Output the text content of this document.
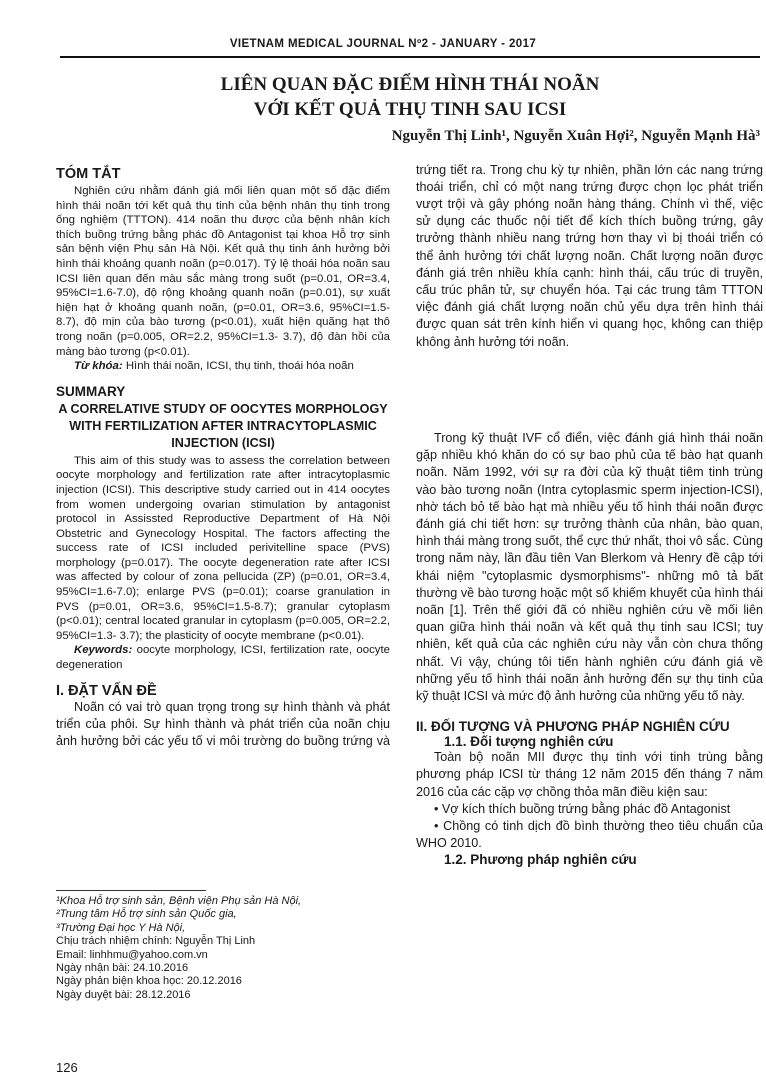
VIETNAM MEDICAL JOURNAL Nº2 - JANUARY - 2017
LIÊN QUAN ĐẶC ĐIỂM HÌNH THÁI NOÃN
VỚI KẾT QUẢ THỤ TINH SAU ICSI
Nguyễn Thị Linh¹, Nguyễn Xuân Hợi², Nguyễn Mạnh Hà³

TÓM TẮT

Nghiên cứu nhằm đánh giá mối liên quan một số đặc điểm hình thái noãn tới kết quả thụ tinh của bệnh nhân thụ tinh trong ống nghiệm (TTTON). 414 noãn thu được của bệnh nhân kích thích buồng trứng bằng phác đồ Antagonist tại khoa Hỗ trợ sinh sản bệnh viện Phụ sản Hà Nội. Kết quả thụ tinh ảnh hưởng bởi hình thái khoảng quanh noãn (p=0.017). Tỷ lệ thoái hóa noãn sau ICSI liên quan đến màu sắc màng trong suốt (p=0.01, OR=3.4, 95%CI=1.6-7.0), độ rộng khoảng quanh noãn (p=0.01), sự xuất hiện hạt ở khoảng quanh noãn, (p=0.01, OR=3.6, 95%CI=1.5-8.7), độ mịn của bào tương (p<0.01), xuất hiện quãng hạt thô trong noãn (p=0.005, OR=2.2, 95%CI=1.3- 3.7), độ đàn hồi của màng bào tương (p<0.01).

Từ khóa: Hình thái noãn, ICSI, thụ tinh, thoái hóa noãn

SUMMARY

A CORRELATIVE STUDY OF OOCYTES MORPHOLOGY WITH FERTILIZATION AFTER INTRACYTOPLASMIC INJECTION (ICSI)

This aim of this study was to assess the correlation between oocyte morphology and fertilization rate after intracytoplasmic injection (ICSI). This descriptive study carried out in 414 oocytes from women undergoing ovarian stimulation by antagonist protocol in Assissted Reproductive Department of Hà Nội Obstetric and Gynecology Hospital. The factors affecting the success rate of ICSI included perivitelline space (PVS) morphology (p=0.017). The oocyte degeneration rate after ICSI was affected by colour of zona pellucida (ZP) (p=0.01, OR=3.4, 95%CI=1.6-7.0); enlarge PVS (p=0.01); coarse granulation in PVS (p=0.01, OR=3.6, 95%CI=1.5-8.7); granular cytoplasm (p<0.01); central located granular in cytoplasm (p=0.005, OR=2.2, 95%CI=1.3- 3.7); the plasticity of oocyte membrane (p<0.01).

Keywords: oocyte morphology, ICSI, fertilization rate, oocyte degeneration

I. ĐẶT VẤN ĐỀ

Noãn có vai trò quan trọng trong sự hình thành và phát triển của phôi. Sự hình thành và phát triển của noãn chịu ảnh hưởng bởi các yếu tố vi môi trường do buồng trứng và

¹Khoa Hỗ trợ sinh sản, Bệnh viện Phụ sản Hà Nội,
²Trung tâm Hỗ trợ sinh sản Quốc gia,
³Trường Đại học Y Hà Nội,
Chịu trách nhiệm chính: Nguyễn Thị Linh
Email: linhhmu@yahoo.com.vn
Ngày nhận bài: 24.10.2016
Ngày phản biện khoa học: 20.12.2016
Ngày duyệt bài: 28.12.2016

trứng tiết ra. Trong chu kỳ tự nhiên, phần lớn các nang trứng thoái triển, chỉ có một nang trứng được chọn lọc phát triển vượt trội và gây phóng noãn hàng tháng. Chính vì thế, việc sử dụng các thuốc nội tiết để kích thích buồng trứng, gây trưởng thành nhiều nang trứng hơn thay vì bị thoái triển có thể ảnh hưởng tới chất lượng noãn. Chất lượng noãn được đánh giá trên nhiều khía cạnh: hình thái, cấu trúc di truyền, cấu trúc phân tử, sự chuyển hóa. Tại các trung tâm TTTON việc đánh giá chất lượng noãn chủ yếu dựa trên hình thái được quan sát trên kính hiển vi quang học, không can thiệp không ảnh hưởng tới noãn.

Trong kỹ thuật IVF cổ điển, việc đánh giá hình thái noãn gặp nhiều khó khăn do có sự bao phủ của tế bào hạt quanh noãn. Năm 1992, với sự ra đời của kỹ thuật tiêm tinh trùng vào bào tương noãn (Intra cytoplasmic sperm injection-ICSI), nhờ tách bỏ tế bào hạt mà nhiều yếu tố hình thái noãn được đánh giá chi tiết hơn: sự trưởng thành của nhân, bào quan, hình thái màng trong suốt, thể cực thứ nhất, thoi vô sắc. Cùng trong năm này, lần đầu tiên Van Blerkom và Henry đề cập tới khái niệm "cytoplasmic dysmorphisms"- những mô tả bất thường về bào tương hoặc một số khiếm khuyết của hình thái noãn [1]. Trên thế giới đã có nhiều nghiên cứu về mối liên quan giữa hình thái noãn và kết quả thụ tinh sau ICSI; tuy nhiên, kết quả của các nghiên cứu này vẫn còn chưa thống nhất. Vì vậy, chúng tôi tiến hành nghiên cứu đánh giá về những yếu tố hình thái noãn ảnh hưởng đến sự thụ tinh của kỹ thuật ICSI và mức độ ảnh hưởng của những yếu tố này.

II. ĐỐI TƯỢNG VÀ PHƯƠNG PHÁP NGHIÊN CỨU

1.1. Đối tượng nghiên cứu

Toàn bộ noãn MII được thụ tinh với tinh trùng bằng phương pháp ICSI từ tháng 12 năm 2015 đến tháng 7 năm 2016 của các cặp vợ chồng thỏa mãn điều kiện sau:

• Vợ kích thích buồng trứng bằng phác đồ Antagonist

• Chồng có tinh dịch đồ bình thường theo tiêu chuẩn của WHO 2010.

1.2. Phương pháp nghiên cứu

126
